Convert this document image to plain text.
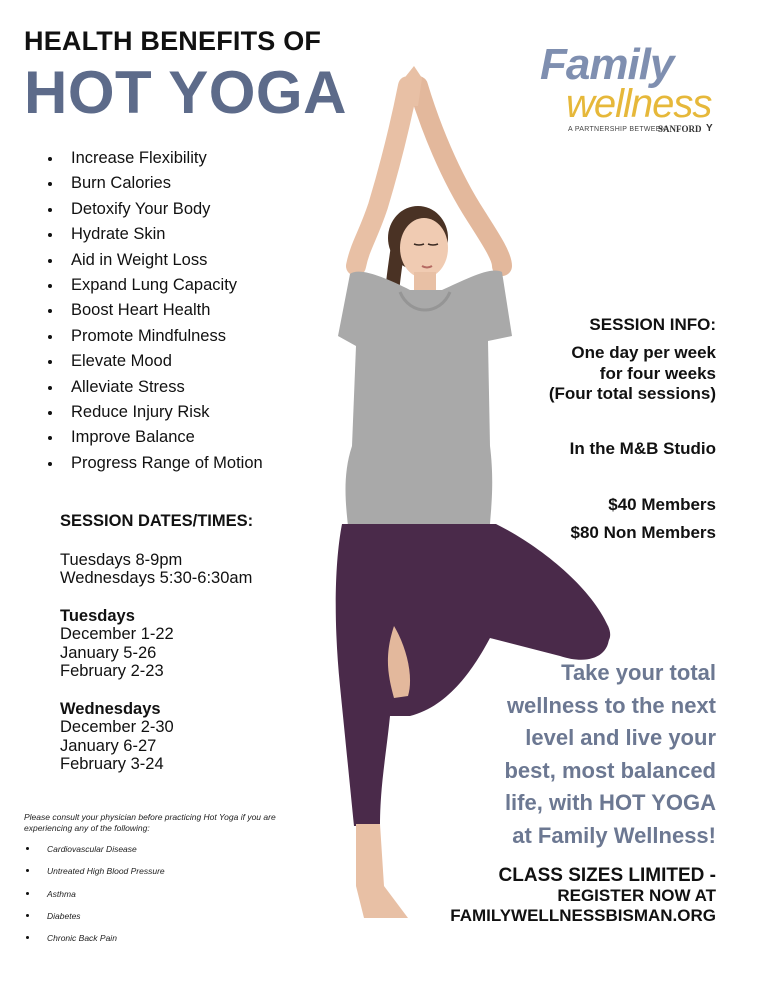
HEALTH BENEFITS OF
HOT YOGA	Family
wellness
A PARTNERSHIP BETWEEN
SANFORD Y
Increase Flexibility
Burn Calories
Detoxify Your Body
Hydrate Skin
Aid in Weight Loss
Expand Lung Capacity
Boost Heart Health
Promote Mindfulness
Elevate Mood
Alleviate Stress
Reduce Injury Risk
Improve Balance
Progress Range of Motion
SESSION DATES/TIMES:
Tuesdays 8-9pm
Wednesdays 5:30-6:30am
Tuesdays
December 1-22
January 5-26
February 2-23
Wednesdays
December 2-30
January 6-27
February 3-24
Please consult your physician before practicing Hot Yoga if you are experiencing any of the following:
Cardiovascular Disease
Untreated High Blood Pressure
Asthma
Diabetes
Chronic Back Pain
SESSION INFO:
One day per week
for four weeks
(Four total sessions)
In the M&B Studio
$40 Members
$80 Non Members
Take your total
wellness to the next
level and live your
best, most balanced
life, with HOT YOGA
at Family Wellness!
CLASS SIZES LIMITED -
REGISTER NOW AT
FAMILYWELLNESSBISMAN.ORG
